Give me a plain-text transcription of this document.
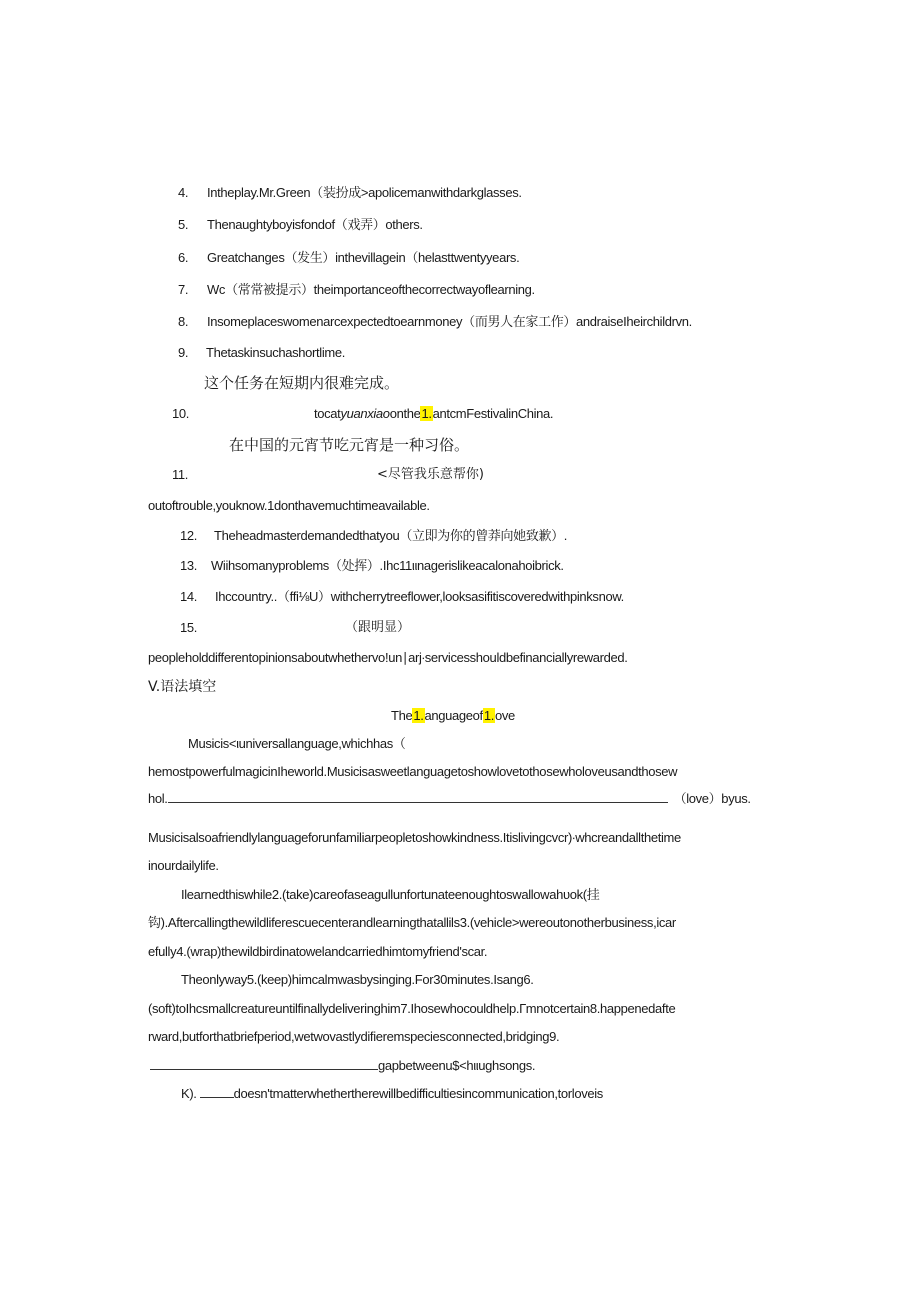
4. Intheplay.Mr.Green（装扮成>apolicemanwithdarkglasses.
5. Thenaughtyboyisfondof（戏弄）others.
6. Greatchanges（发生）inthevillagein（helasttwentyyears.
7. Wc（常常被提示）theimportanceofthecorrectwayoflearning.
8. Insomeplaceswomenarcexpectedtoearnmoney（而男人在家工作）andraiseIheirchildrvn.
9. Thetaskinsuchashortlime.
这个任务在短期内很难完成。
10.	tocatyuanxiaoonthe1.antcmFestivalinChina.
在中国的元宵节吃元宵是一种习俗。
11.	<尽管我乐意帮你)
outoftrouble,youknow.1donthavemuchtimeavailable.
12. Theheadmasterdemandedthatyou（立即为你的曾莽向她致歉）.
13. Wiihsomanyproblems（处挥）.Ihc11ιιnagerislikeacalonahoibrick.
14. Ihccountry..（ffi⅛U）withcherrytreeflower,looksasifitiscoveredwithpinksnow.
15.	（跟明显）
peopleholddifferentopinionsaboutwhethervo!un∣arj∙servicesshouldbefinanciallyrewarded.
V.语法填空
The1.anguageof1.ove
Musicis<ιuniversallanguage,whichhas（
hemostpowerfulmagicinIheworld.Musicisasweetlanguagetoshowlovetothosewholoveusandthosew
hol.	（love）byus.
Musicisalsoafriendlylanguageforunfamiliarpeopletoshowkindness.Itislivingcvcr)∙whcreandallthetime
inourdailylife.
Ilearnedthiswhile2.(take)careofaseagullunfortunateenoughtoswallowahυok(挂
钩).Aftercallingthewildliferescuecenterandlearningthatallils3.(vehicle>wereoutonotherbusiness,icar
efully4.(wrap)thewildbirdinatowelandcarriedhimtomyfriend'scar.
Theonlyway5.(keep)himcalmwasbysinging.For30minutes.Isang6.
(soft)toIhcsmallcreatureuntilfinallydeliveringhim7.Ihosewhocouldhelp.Гmnotcertain8.happenedafte
rward,butforthatbriefperiod,wetwovastlydifieremspeciesconnected,bridging9.
gapbetweenu$<hιιughsongs.
K).	doesn'tmatterwhethertherewillbedifficultiesincommunication,torloveis
